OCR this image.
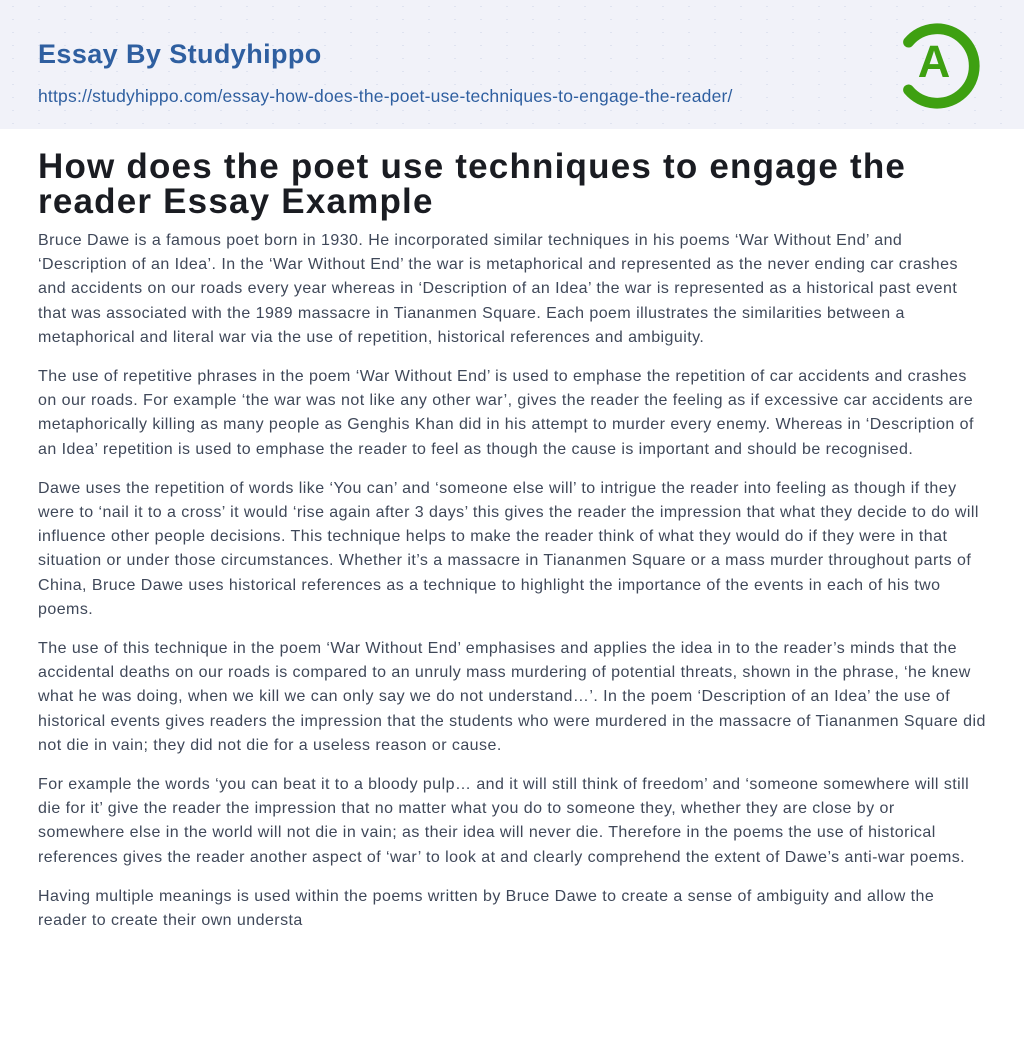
Essay By Studyhippo
https://studyhippo.com/essay-how-does-the-poet-use-techniques-to-engage-the-reader/
A
How does the poet use techniques to engage the
reader Essay Example

Bruce Dawe is a famous poet born in 1930. He incorporated similar techniques in his poems ‘War Without End’ and ‘Description of an Idea’. In the ‘War Without End’ the war is metaphorical and represented as the never ending car crashes and accidents on our roads every year whereas in ‘Description of an Idea’ the war is represented as a historical past event that was associated with the 1989 massacre in Tiananmen Square. Each poem illustrates the similarities between a metaphorical and literal war via the use of repetition, historical references and ambiguity.

The use of repetitive phrases in the poem ‘War Without End’ is used to emphase the repetition of car accidents and crashes on our roads. For example ‘the war was not like any other war’, gives the reader the feeling as if excessive car accidents are metaphorically killing as many people as Genghis Khan did in his attempt to murder every enemy. Whereas in ‘Description of an Idea’ repetition is used to emphase the reader to feel as though the cause is important and should be recognised.

Dawe uses the repetition of words like ‘You can’ and ‘someone else will’ to intrigue the reader into feeling as though if they were to ‘nail it to a cross’ it would ‘rise again after 3 days’ this gives the reader the impression that what they decide to do will influence other people decisions. This technique helps to make the reader think of what they would do if they were in that situation or under those circumstances. Whether it’s a massacre in Tiananmen Square or a mass murder throughout parts of China, Bruce Dawe uses historical references as a technique to highlight the importance of the events in each of his two poems.

The use of this technique in the poem ‘War Without End’ emphasises and applies the idea in to the reader’s minds that the accidental deaths on our roads is compared to an unruly mass murdering of potential threats, shown in the phrase, ‘he knew what he was doing, when we kill we can only say we do not understand…’. In the poem ‘Description of an Idea’ the use of historical events gives readers the impression that the students who were murdered in the massacre of Tiananmen Square did not die in vain; they did not die for a useless reason or cause.

For example the words ‘you can beat it to a bloody pulp… and it will still think of freedom’ and ‘someone somewhere will still die for it’ give the reader the impression that no matter what you do to someone they, whether they are close by or somewhere else in the world will not die in vain; as their idea will never die. Therefore in the poems the use of historical references gives the reader another aspect of ‘war’ to look at and clearly comprehend the extent of Dawe’s anti-war poems.

Having multiple meanings is used within the poems written by Bruce Dawe to create a sense of ambiguity and allow the reader to create their own understa
